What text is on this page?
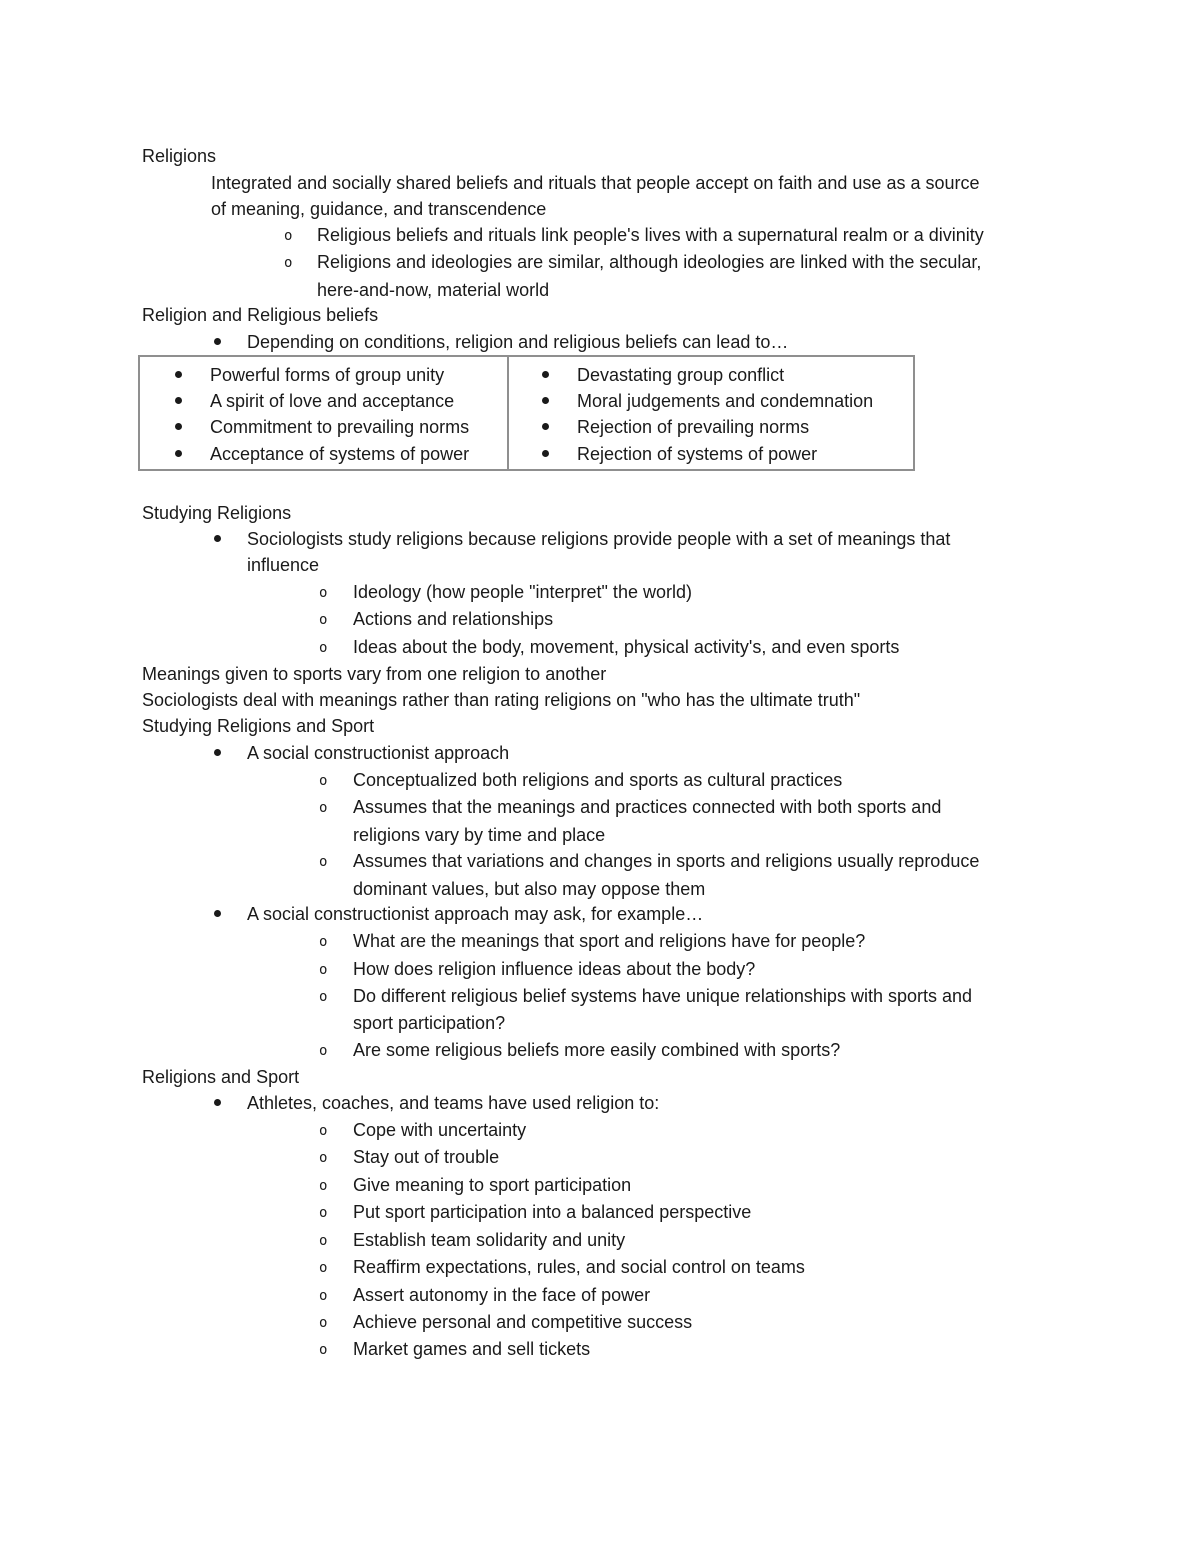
Religions
Integrated and socially shared beliefs and rituals that people accept on faith and use as a source
of meaning, guidance, and transcendence
o Religious beliefs and rituals link people's lives with a supernatural realm or a divinity
o Religions and ideologies are similar, although ideologies are linked with the secular,
here-and-now, material world
Religion and Religious beliefs
Depending on conditions, religion and religious beliefs can lead to…
Powerful forms of group unity
A spirit of love and acceptance
Commitment to prevailing norms
Acceptance of systems of power
Devastating group conflict
Moral judgements and condemnation
Rejection of prevailing norms
Rejection of systems of power
Studying Religions
Sociologists study religions because religions provide people with a set of meanings that
influence
o Ideology (how people "interpret" the world)
o Actions and relationships
o Ideas about the body, movement, physical activity's, and even sports
Meanings given to sports vary from one religion to another
Sociologists deal with meanings rather than rating religions on "who has the ultimate truth"
Studying Religions and Sport
A social constructionist approach
o Conceptualized both religions and sports as cultural practices
o Assumes that the meanings and practices connected with both sports and
religions vary by time and place
o Assumes that variations and changes in sports and religions usually reproduce
dominant values, but also may oppose them
A social constructionist approach may ask, for example…
o What are the meanings that sport and religions have for people?
o How does religion influence ideas about the body?
o Do different religious belief systems have unique relationships with sports and
sport participation?
o Are some religious beliefs more easily combined with sports?
Religions and Sport
Athletes, coaches, and teams have used religion to:
o Cope with uncertainty
o Stay out of trouble
o Give meaning to sport participation
o Put sport participation into a balanced perspective
o Establish team solidarity and unity
o Reaffirm expectations, rules, and social control on teams
o Assert autonomy in the face of power
o Achieve personal and competitive success
o Market games and sell tickets
